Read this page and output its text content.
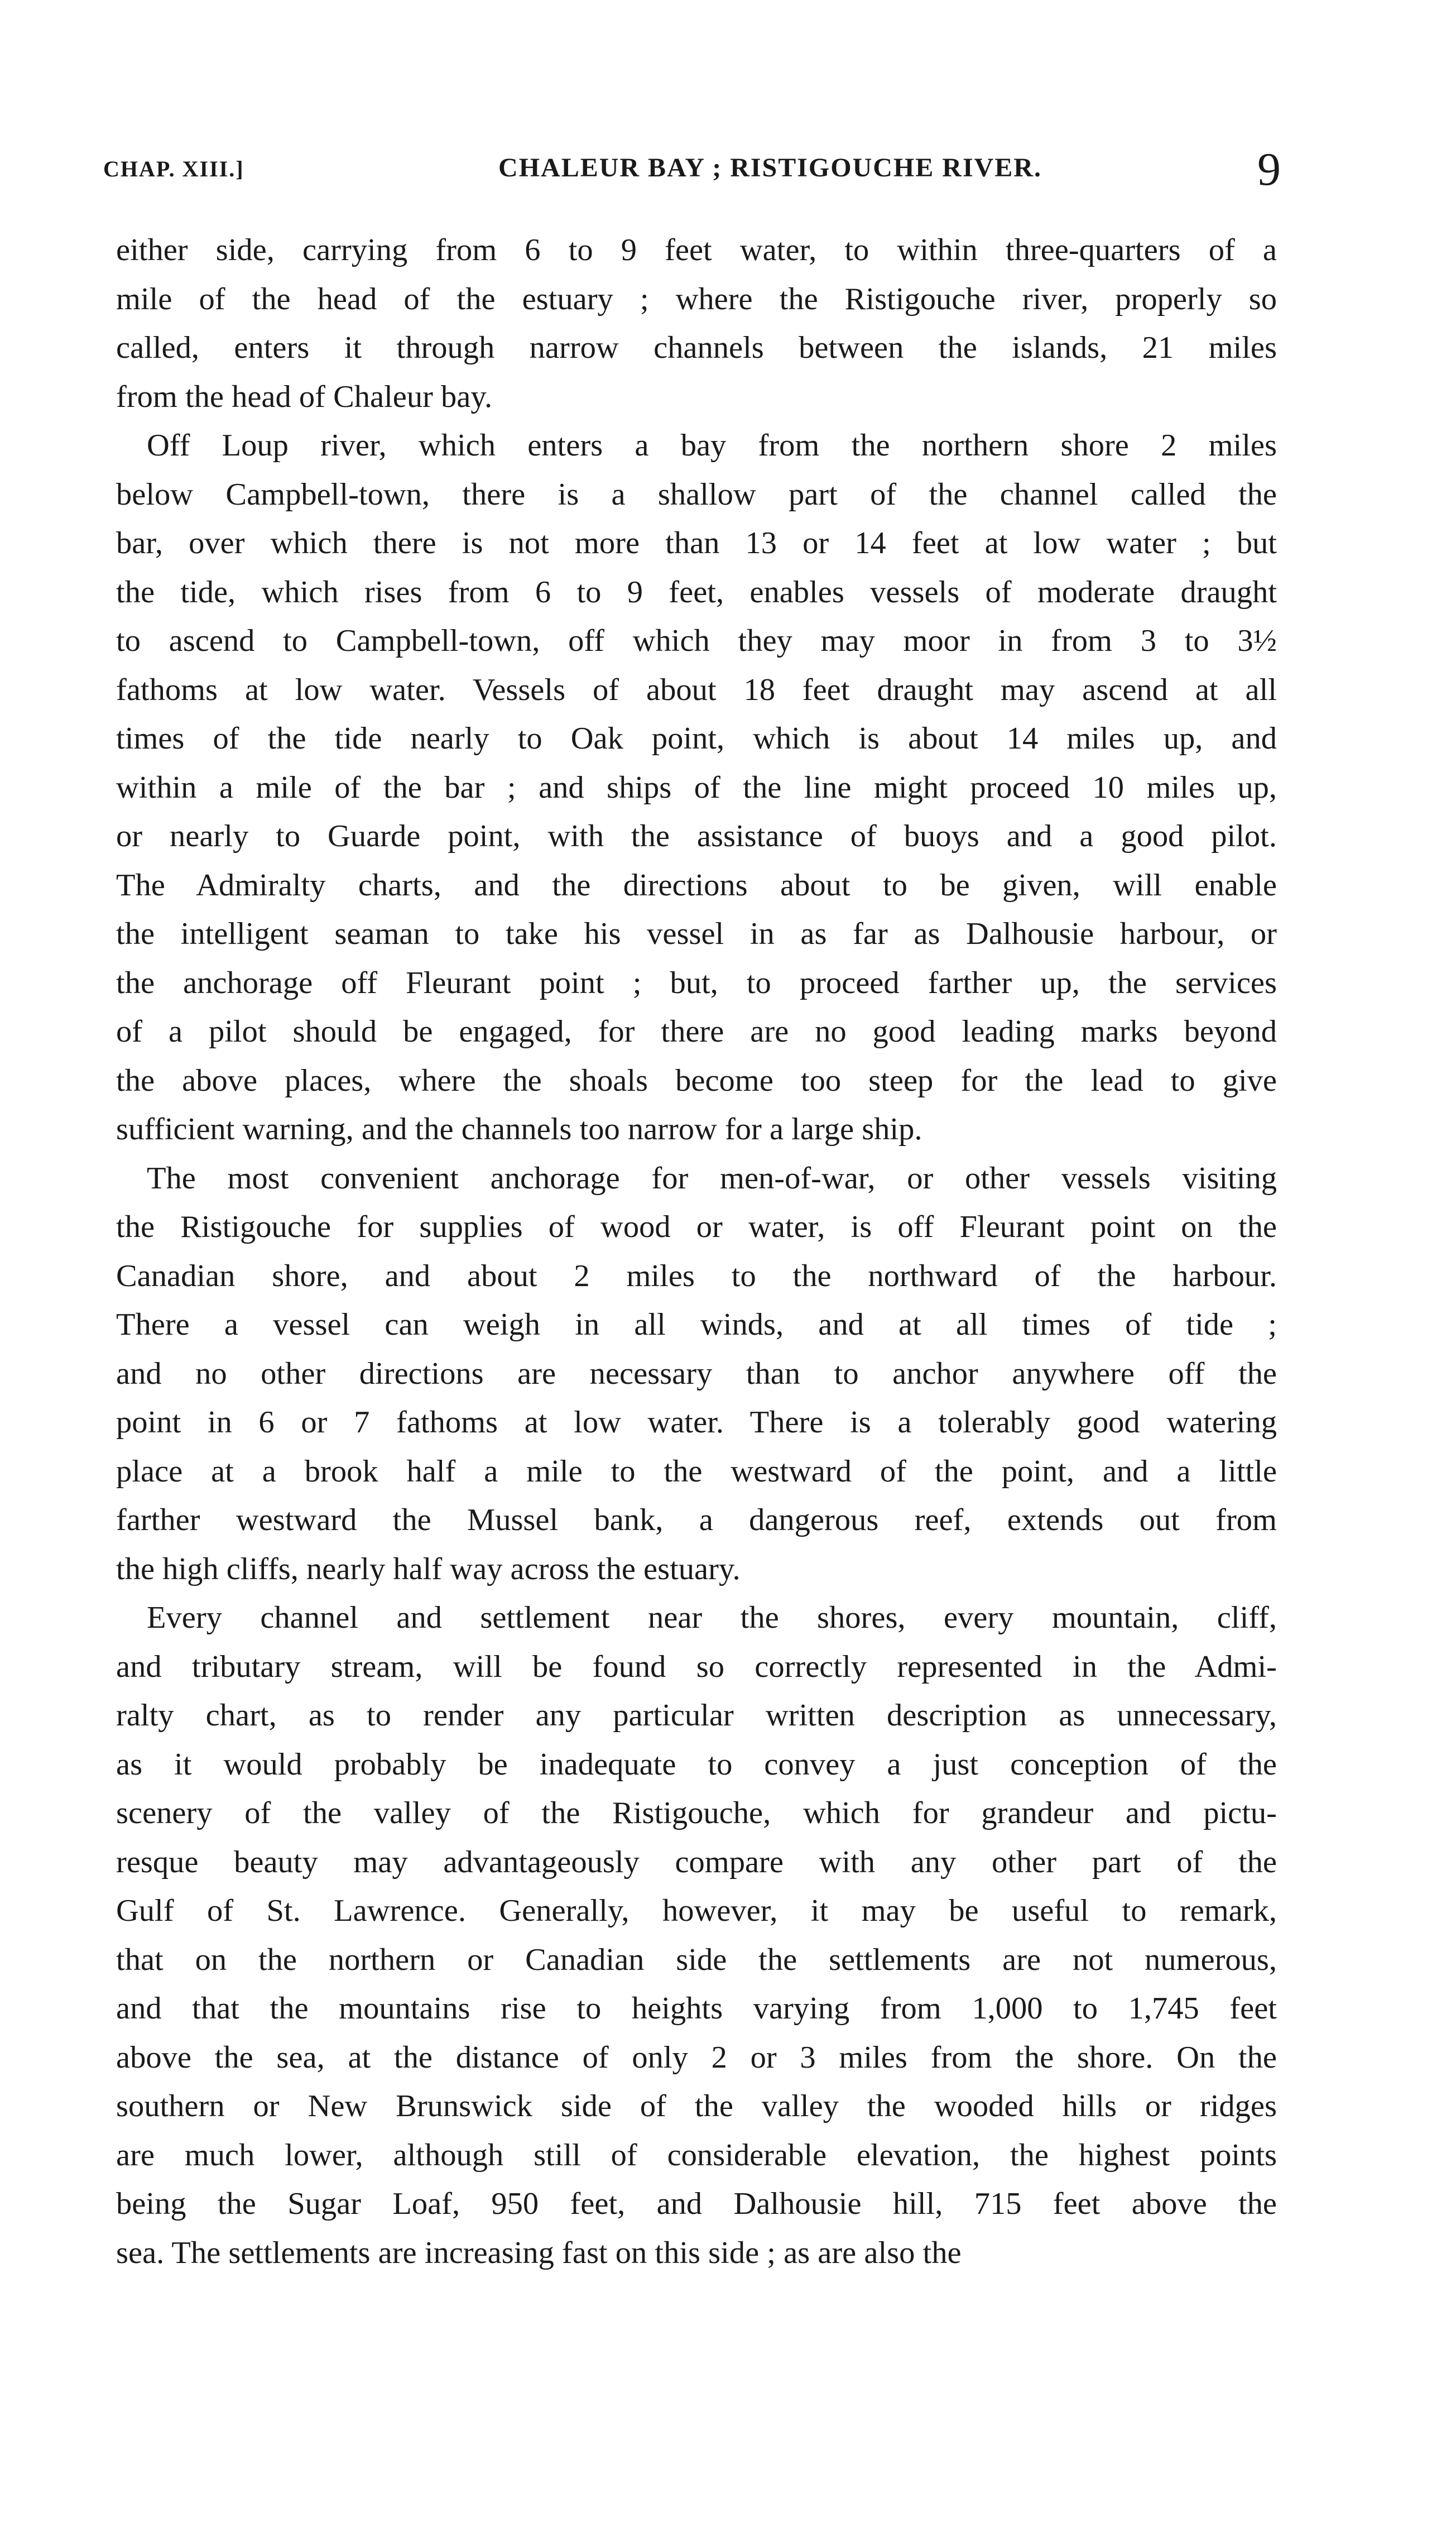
CHAP. XIII.]	CHALEUR BAY ; RISTIGOUCHE RIVER.	9

either side, carrying from 6 to 9 feet water, to within three-quarters of a
mile of the head of the estuary ; where the Ristigouche river, properly so
called, enters it through narrow channels between the islands, 21 miles
from the head of Chaleur bay.

Off Loup river, which enters a bay from the northern shore 2 miles
below Campbell-town, there is a shallow part of the channel called the
bar, over which there is not more than 13 or 14 feet at low water ; but
the tide, which rises from 6 to 9 feet, enables vessels of moderate draught
to ascend to Campbell-town, off which they may moor in from 3 to 3½
fathoms at low water. Vessels of about 18 feet draught may ascend at all
times of the tide nearly to Oak point, which is about 14 miles up, and
within a mile of the bar ; and ships of the line might proceed 10 miles up,
or nearly to Guarde point, with the assistance of buoys and a good pilot.
The Admiralty charts, and the directions about to be given, will enable
the intelligent seaman to take his vessel in as far as Dalhousie harbour, or
the anchorage off Fleurant point ; but, to proceed farther up, the services
of a pilot should be engaged, for there are no good leading marks beyond
the above places, where the shoals become too steep for the lead to give
sufficient warning, and the channels too narrow for a large ship.

The most convenient anchorage for men-of-war, or other vessels visiting
the Ristigouche for supplies of wood or water, is off Fleurant point on the
Canadian shore, and about 2 miles to the northward of the harbour.
There a vessel can weigh in all winds, and at all times of tide ;
and no other directions are necessary than to anchor anywhere off the
point in 6 or 7 fathoms at low water. There is a tolerably good watering
place at a brook half a mile to the westward of the point, and a little
farther westward the Mussel bank, a dangerous reef, extends out from
the high cliffs, nearly half way across the estuary.

Every channel and settlement near the shores, every mountain, cliff,
and tributary stream, will be found so correctly represented in the Admi-
ralty chart, as to render any particular written description as unnecessary,
as it would probably be inadequate to convey a just conception of the
scenery of the valley of the Ristigouche, which for grandeur and pictu-
resque beauty may advantageously compare with any other part of the
Gulf of St. Lawrence. Generally, however, it may be useful to remark,
that on the northern or Canadian side the settlements are not numerous,
and that the mountains rise to heights varying from 1,000 to 1,745 feet
above the sea, at the distance of only 2 or 3 miles from the shore. On the
southern or New Brunswick side of the valley the wooded hills or ridges
are much lower, although still of considerable elevation, the highest points
being the Sugar Loaf, 950 feet, and Dalhousie hill, 715 feet above the
sea. The settlements are increasing fast on this side ; as are also the
